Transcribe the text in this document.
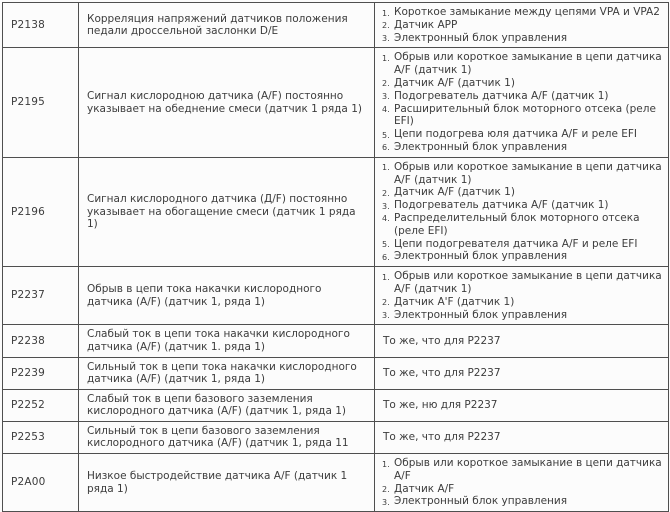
P2138	Корреляция напряжений датчиков положения педали дроссельной заслонки D/E	
1. Короткое замыкание между цепями VPA и VPA2
2. Датчик APP
3. Электронный блок управления

P2195	Сигнал кислородною датчика (A/F) постоянно указывает на обеднение смеси (датчик 1 ряда 1)	
1. Обрыв или короткое замыкание в цепи датчика A/F (датчик 1)
2. Датчик A/F (датчик 1)
3. Подогреватель датчика A/F (датчик 1)
4. Расширительный блок моторного отсека (реле EFI)
5. Цепи подогрева юля датчика A/F и реле EFI
6. Электронный блок управления

P2196	Сигнал кислородного датчика (Д/F) постоянно указывает на обогащение смеси (датчик 1 ряда 1)	
1. Обрыв или короткое замыкание в цепи датчика A/F (датчик 1)
2. Датчик A/F (датчик 1)
3. Подогреватель датчика A/F (датчик 1)
4. Распределительный блок моторного отсека (реле EFI)
5. Цепи подогревателя датчика A/F и реле EFI
6. Электронный блок управления

P2237	Обрыв в цепи тока накачки кислородного датчика (A/F) (датчик 1, ряда 1)	
1. Обрыв или короткое замыкание в цепи датчика A/F (датчик 1)
2. Датчик A'F (датчик 1)
3. Электронный блок управления

P2238	Слабый ток в цепи тока накачки кислородного датчика (A/F) (датчик 1. ряда 1)	То же, что для P2237

P2239	Сильный ток в цепи тока накачки кислородного датчика (A/F) (датчик 1, ряда 1)	То же, что для P2237

P2252	Слабый ток в цепи базового заземления кислородного датчика (A/F) (датчик 1, ряда 1)	То же, ню для P2237

P2253	Сильный ток в цепи базового заземления кислородного датчика (A/F) (датчик 1, ряда 11	То же, что для P2237

P2A00	Низкое быстродействие датчика A/F (датчик 1 ряда 1)	
1. Обрыв или короткое замыкание в цепи датчика A/F
2. Датчик A/F
3. Электронный блок управления
